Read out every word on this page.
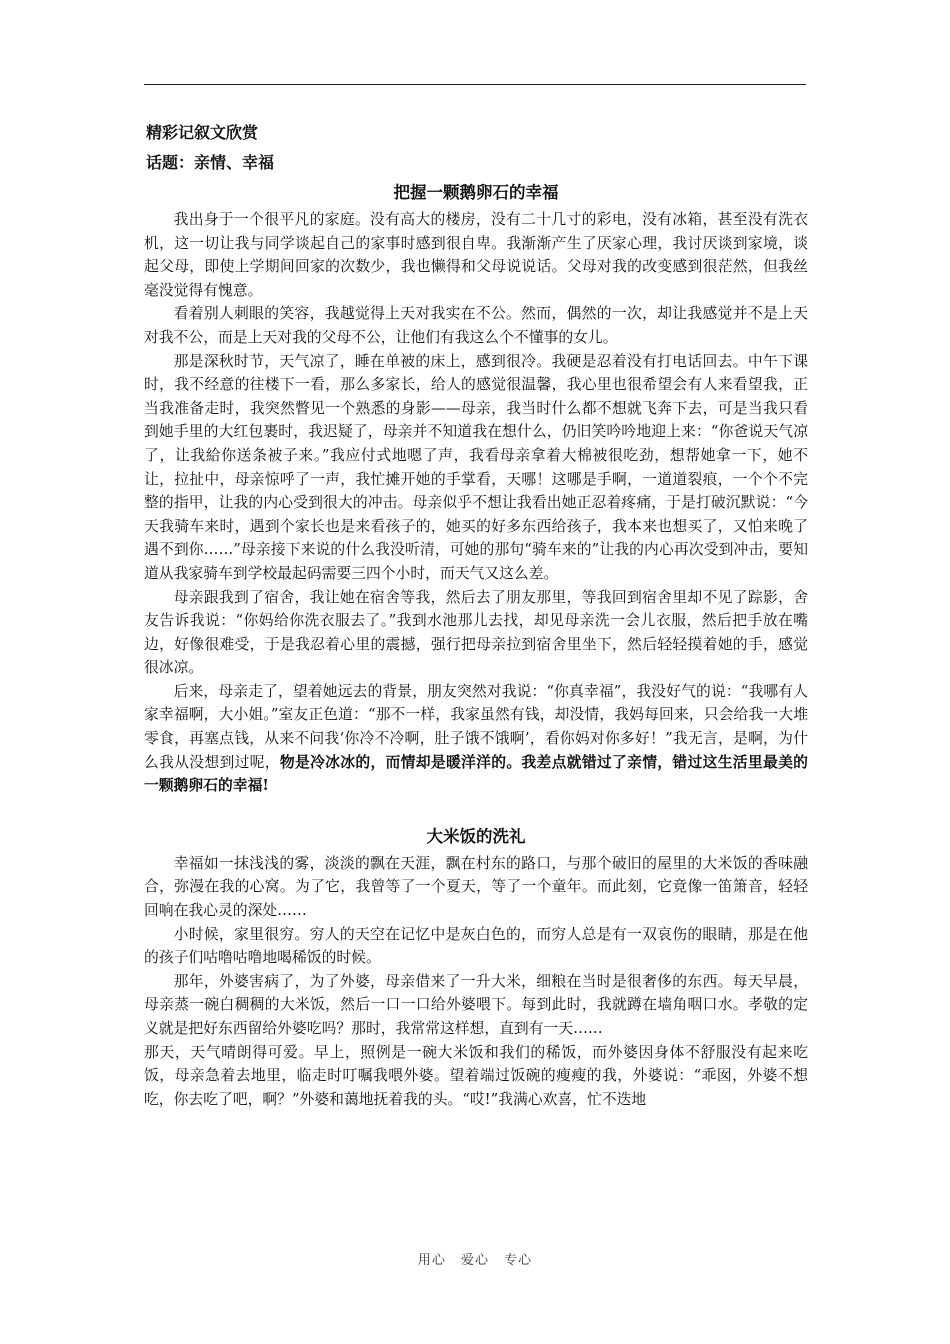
精彩记叙文欣赏
话题：亲情、幸福
把握一颗鹅卵石的幸福

我出身于一个很平凡的家庭。没有高大的楼房，没有二十几寸的彩电，没有冰箱，甚至没有洗衣机，这一切让我与同学谈起自己的家事时感到很自卑。我渐渐产生了厌家心理，我讨厌谈到家境，谈起父母，即使上学期间回家的次数少，我也懒得和父母说说话。父母对我的改变感到很茫然，但我丝毫没觉得有愧意。

看着别人刺眼的笑容，我越觉得上天对我实在不公。然而，偶然的一次，却让我感觉并不是上天对我不公，而是上天对我的父母不公，让他们有我这么个不懂事的女儿。

那是深秋时节，天气凉了，睡在单被的床上，感到很冷。我硬是忍着没有打电话回去。中午下课时，我不经意的往楼下一看，那么多家长，给人的感觉很温馨，我心里也很希望会有人来看望我，正当我准备走时，我突然瞥见一个熟悉的身影——母亲，我当时什么都不想就飞奔下去，可是当我只看到她手里的大红包裹时，我迟疑了，母亲并不知道我在想什么，仍旧笑吟吟地迎上来：“你爸说天气凉了，让我給你送条被子来。”我应付式地嗯了声，我看母亲拿着大棉被很吃劲，想帮她拿一下，她不让，拉扯中，母亲惊呼了一声，我忙摊开她的手掌看，天哪！这哪是手啊，一道道裂痕，一个个不完整的指甲，让我的内心受到很大的冲击。母亲似乎不想让我看出她正忍着疼痛，于是打破沉默说：“今天我骑车来时，遇到个家长也是来看孩子的，她买的好多东西给孩子，我本来也想买了，又怕来晚了遇不到你……”母亲接下来说的什么我没听清，可她的那句“骑车来的”让我的内心再次受到冲击，要知道从我家骑车到学校最起码需要三四个小时，而天气又这么差。

母亲跟我到了宿舍，我让她在宿舍等我，然后去了朋友那里，等我回到宿舍里却不见了踪影，舍友告诉我说：“你妈给你洗衣服去了。”我到水池那儿去找，却见母亲洗一会儿衣服，然后把手放在嘴边，好像很难受，于是我忍着心里的震撼，强行把母亲拉到宿舍里坐下，然后轻轻摸着她的手，感觉很冰凉。

后来，母亲走了，望着她远去的背景，朋友突然对我说：“你真幸福”，我没好气的说：“我哪有人家幸福啊，大小姐。”室友正色道：“那不一样，我家虽然有钱，却没情，我妈每回来，只会给我一大堆零食，再塞点钱，从来不问我‘你冷不冷啊，肚子饿不饿啊’，看你妈对你多好！”我无言，是啊，为什么我从没想到过呢，物是冷冰冰的，而情却是暖洋洋的。我差点就错过了亲情，错过这生活里最美的一颗鹅卵石的幸福!

大米饭的洗礼

幸福如一抹浅浅的雾，淡淡的飘在天涯，飘在村东的路口，与那个破旧的屋里的大米饭的香味融合，弥漫在我的心窝。为了它，我曾等了一个夏天，等了一个童年。而此刻，它竟像一笛箫音，轻轻回响在我心灵的深处……

小时候，家里很穷。穷人的天空在记忆中是灰白色的，而穷人总是有一双哀伤的眼睛，那是在他的孩子们咕噜咕噜地喝稀饭的时候。

那年，外婆害病了，为了外婆，母亲借来了一升大米，细粮在当时是很奢侈的东西。每天早晨，母亲蒸一碗白稠稠的大米饭，然后一口一口给外婆喂下。每到此时，我就蹲在墙角咽口水。孝敬的定义就是把好东西留给外婆吃吗？那时，我常常这样想，直到有一天……

那天，天气晴朗得可爱。早上，照例是一碗大米饭和我们的稀饭，而外婆因身体不舒服没有起来吃饭，母亲急着去地里，临走时叮嘱我喂外婆。望着端过饭碗的瘦瘦的我，外婆说：“乖囡，外婆不想吃，你去吃了吧，啊？”外婆和蔼地抚着我的头。“哎!”我满心欢喜，忙不迭地

用心 爱心 专心
